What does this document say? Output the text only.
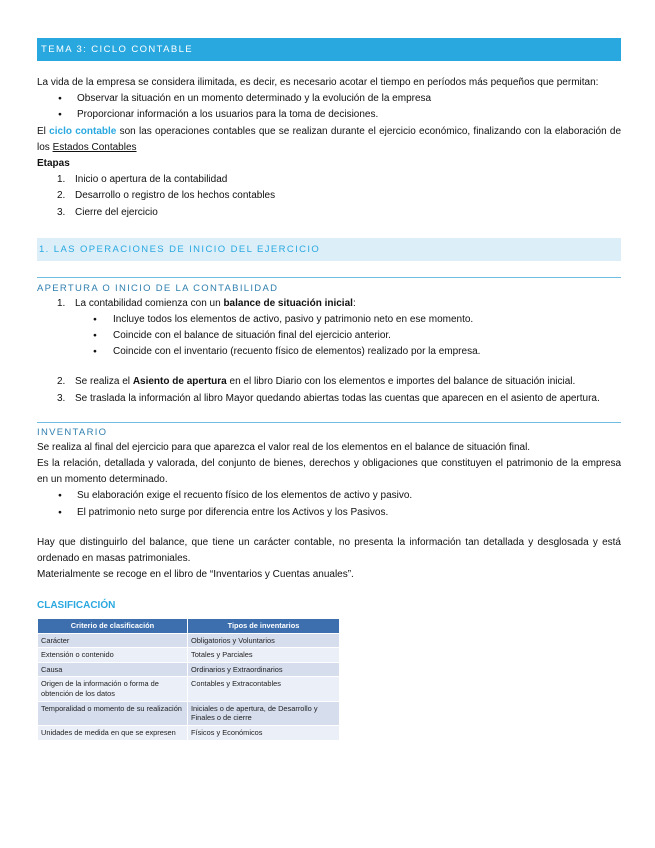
TEMA 3: CICLO CONTABLE

La vida de la empresa se considera ilimitada, es decir, es necesario acotar el tiempo en períodos más pequeños que permitan:

● Observar la situación en un momento determinado y la evolución de la empresa
● Proporcionar información a los usuarios para la toma de decisiones.

El ciclo contable son las operaciones contables que se realizan durante el ejercicio económico, finalizando con la elaboración de los Estados Contables

Etapas

1. Inicio o apertura de la contabilidad
2. Desarrollo o registro de los hechos contables
3. Cierre del ejercicio
1. LAS OPERACIONES DE INICIO DEL EJERCICIO
APERTURA O INICIO DE LA CONTABILIDAD
1. La contabilidad comienza con un balance de situación inicial:
● Incluye todos los elementos de activo, pasivo y patrimonio neto en ese momento.
● Coincide con el balance de situación final del ejercicio anterior.
● Coincide con el inventario (recuento físico de elementos) realizado por la empresa.
2. Se realiza el Asiento de apertura en el libro Diario con los elementos e importes del balance de situación inicial.
3. Se traslada la información al libro Mayor quedando abiertas todas las cuentas que aparecen en el asiento de apertura.
INVENTARIO

Se realiza al final del ejercicio para que aparezca el valor real de los elementos en el balance de situación final.

Es la relación, detallada y valorada, del conjunto de bienes, derechos y obligaciones que constituyen el patrimonio de la empresa en un momento determinado.

● Su elaboración exige el recuento físico de los elementos de activo y pasivo.
● El patrimonio neto surge por diferencia entre los Activos y los Pasivos.

Hay que distinguirlo del balance, que tiene un carácter contable, no presenta la información tan detallada y desglosada y está ordenado en masas patrimoniales.

Materialmente se recoge en el libro de “Inventarios y Cuentas anuales”.

CLASIFICACIÓN
Criterio de clasificación	Tipos de inventarios
Carácter	Obligatorios y Voluntarios
Extensión o contenido	Totales y Parciales
Causa	Ordinarios y Extraordinarios
Origen de la información o forma de obtención de los datos	Contables y Extracontables
Temporalidad o momento de su realización	Iniciales o de apertura, de Desarrollo y Finales o de cierre
Unidades de medida en que se expresen	Físicos y Económicos
